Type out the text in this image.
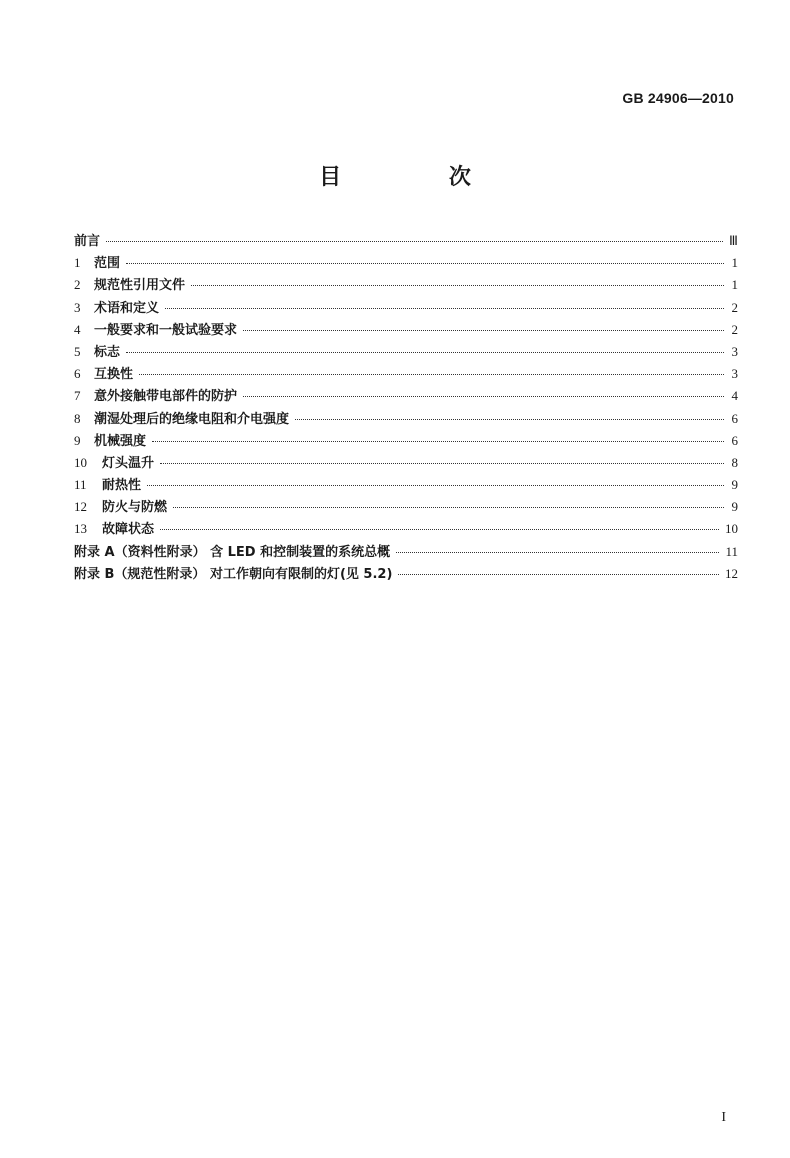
GB 24906—2010
目 次
前言	Ⅲ
1	范围	1
2	规范性引用文件	1
3	术语和定义	2
4	一般要求和一般试验要求	2
5	标志	3
6	互换性	3
7	意外接触带电部件的防护	4
8	潮湿处理后的绝缘电阻和介电强度	6
9	机械强度	6
10	灯头温升	8
11	耐热性	9
12	防火与防燃	9
13	故障状态	10
附录 A（资料性附录） 含 LED 和控制装置的系统总概	11
附录 B（规范性附录） 对工作朝向有限制的灯(见 5.2)	12
I
